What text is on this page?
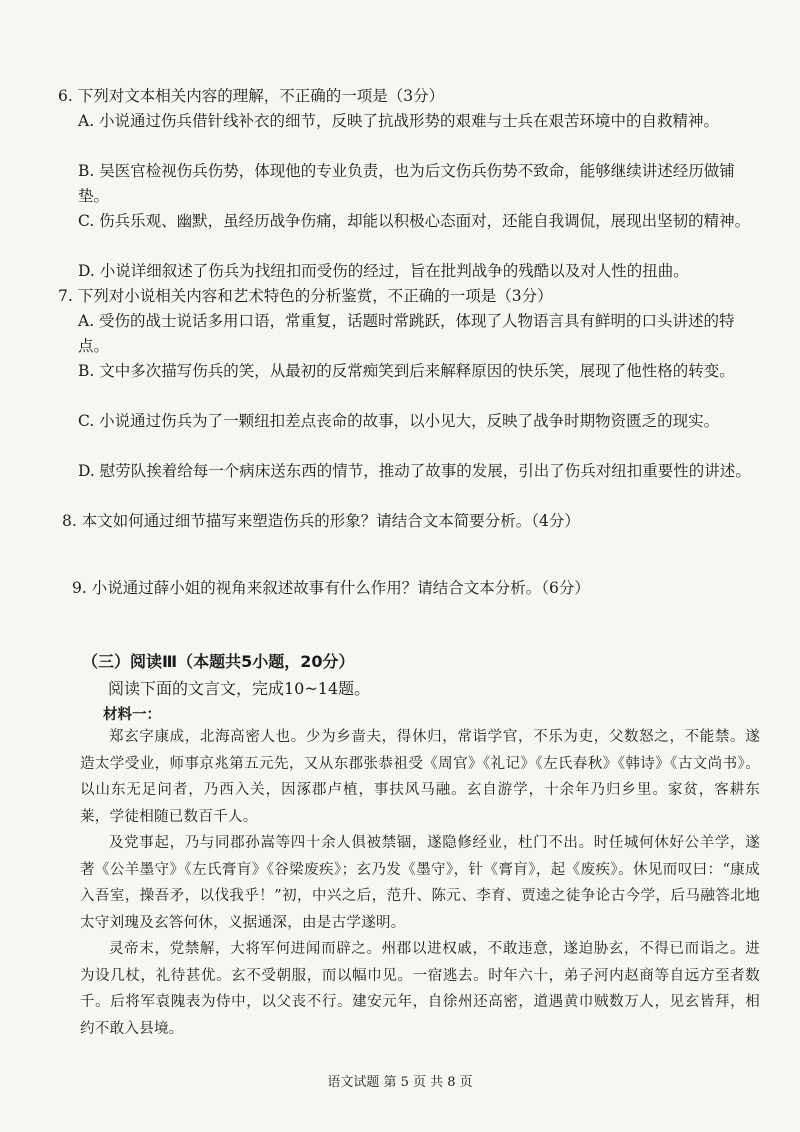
6. 下列对文本相关内容的理解，不正确的一项是（3分）
A. 小说通过伤兵借针线补衣的细节，反映了抗战形势的艰难与士兵在艰苦环境中的自救精神。
B. 吴医官检视伤兵伤势，体现他的专业负责，也为后文伤兵伤势不致命，能够继续讲述经历做铺垫。
C. 伤兵乐观、幽默，虽经历战争伤痛，却能以积极心态面对，还能自我调侃，展现出坚韧的精神。
D. 小说详细叙述了伤兵为找纽扣而受伤的经过，旨在批判战争的残酷以及对人性的扭曲。
7. 下列对小说相关内容和艺术特色的分析鉴赏，不正确的一项是（3分）
A. 受伤的战士说话多用口语，常重复，话题时常跳跃，体现了人物语言具有鲜明的口头讲述的特点。
B. 文中多次描写伤兵的笑，从最初的反常痴笑到后来解释原因的快乐笑，展现了他性格的转变。
C. 小说通过伤兵为了一颗纽扣差点丧命的故事，以小见大，反映了战争时期物资匮乏的现实。
D. 慰劳队挨着给每一个病床送东西的情节，推动了故事的发展，引出了伤兵对纽扣重要性的讲述。
8. 本文如何通过细节描写来塑造伤兵的形象？请结合文本简要分析。（4分）
9. 小说通过薛小姐的视角来叙述故事有什么作用？请结合文本分析。（6分）
（三）阅读Ⅲ（本题共5小题，20分）
阅读下面的文言文，完成10~14题。
材料一：
郑玄字康成，北海高密人也。少为乡啬夫，得休归，常诣学官，不乐为吏，父数怒之，不能禁。遂造太学受业，师事京兆第五元先，又从东郡张恭祖受《周官》《礼记》《左氏春秋》《韩诗》《古文尚书》。以山东无足问者，乃西入关，因涿郡卢植，事扶风马融。玄自游学，十余年乃归乡里。家贫，客耕东莱，学徒相随已数百千人。
及党事起，乃与同郡孙嵩等四十余人俱被禁锢，遂隐修经业，杜门不出。时任城何休好公羊学，遂著《公羊墨守》《左氏膏肓》《谷梁废疾》；玄乃发《墨守》，针《膏肓》，起《废疾》。休见而叹曰：“康成入吾室，操吾矛，以伐我乎！”初，中兴之后，范升、陈元、李育、贾逵之徒争论古今学，后马融答北地太守刘瑰及玄答何休，义据通深，由是古学遂明。
灵帝末，党禁解，大将军何进闻而辟之。州郡以进权戚，不敢违意，遂迫胁玄，不得已而诣之。进为设几杖，礼待甚优。玄不受朝服，而以幅巾见。一宿逃去。时年六十，弟子河内赵商等自远方至者数千。后将军袁隗表为侍中，以父丧不行。建安元年，自徐州还高密，道遇黄巾贼数万人，见玄皆拜，相约不敢入县境。
语文试题 第 5 页 共 8 页
